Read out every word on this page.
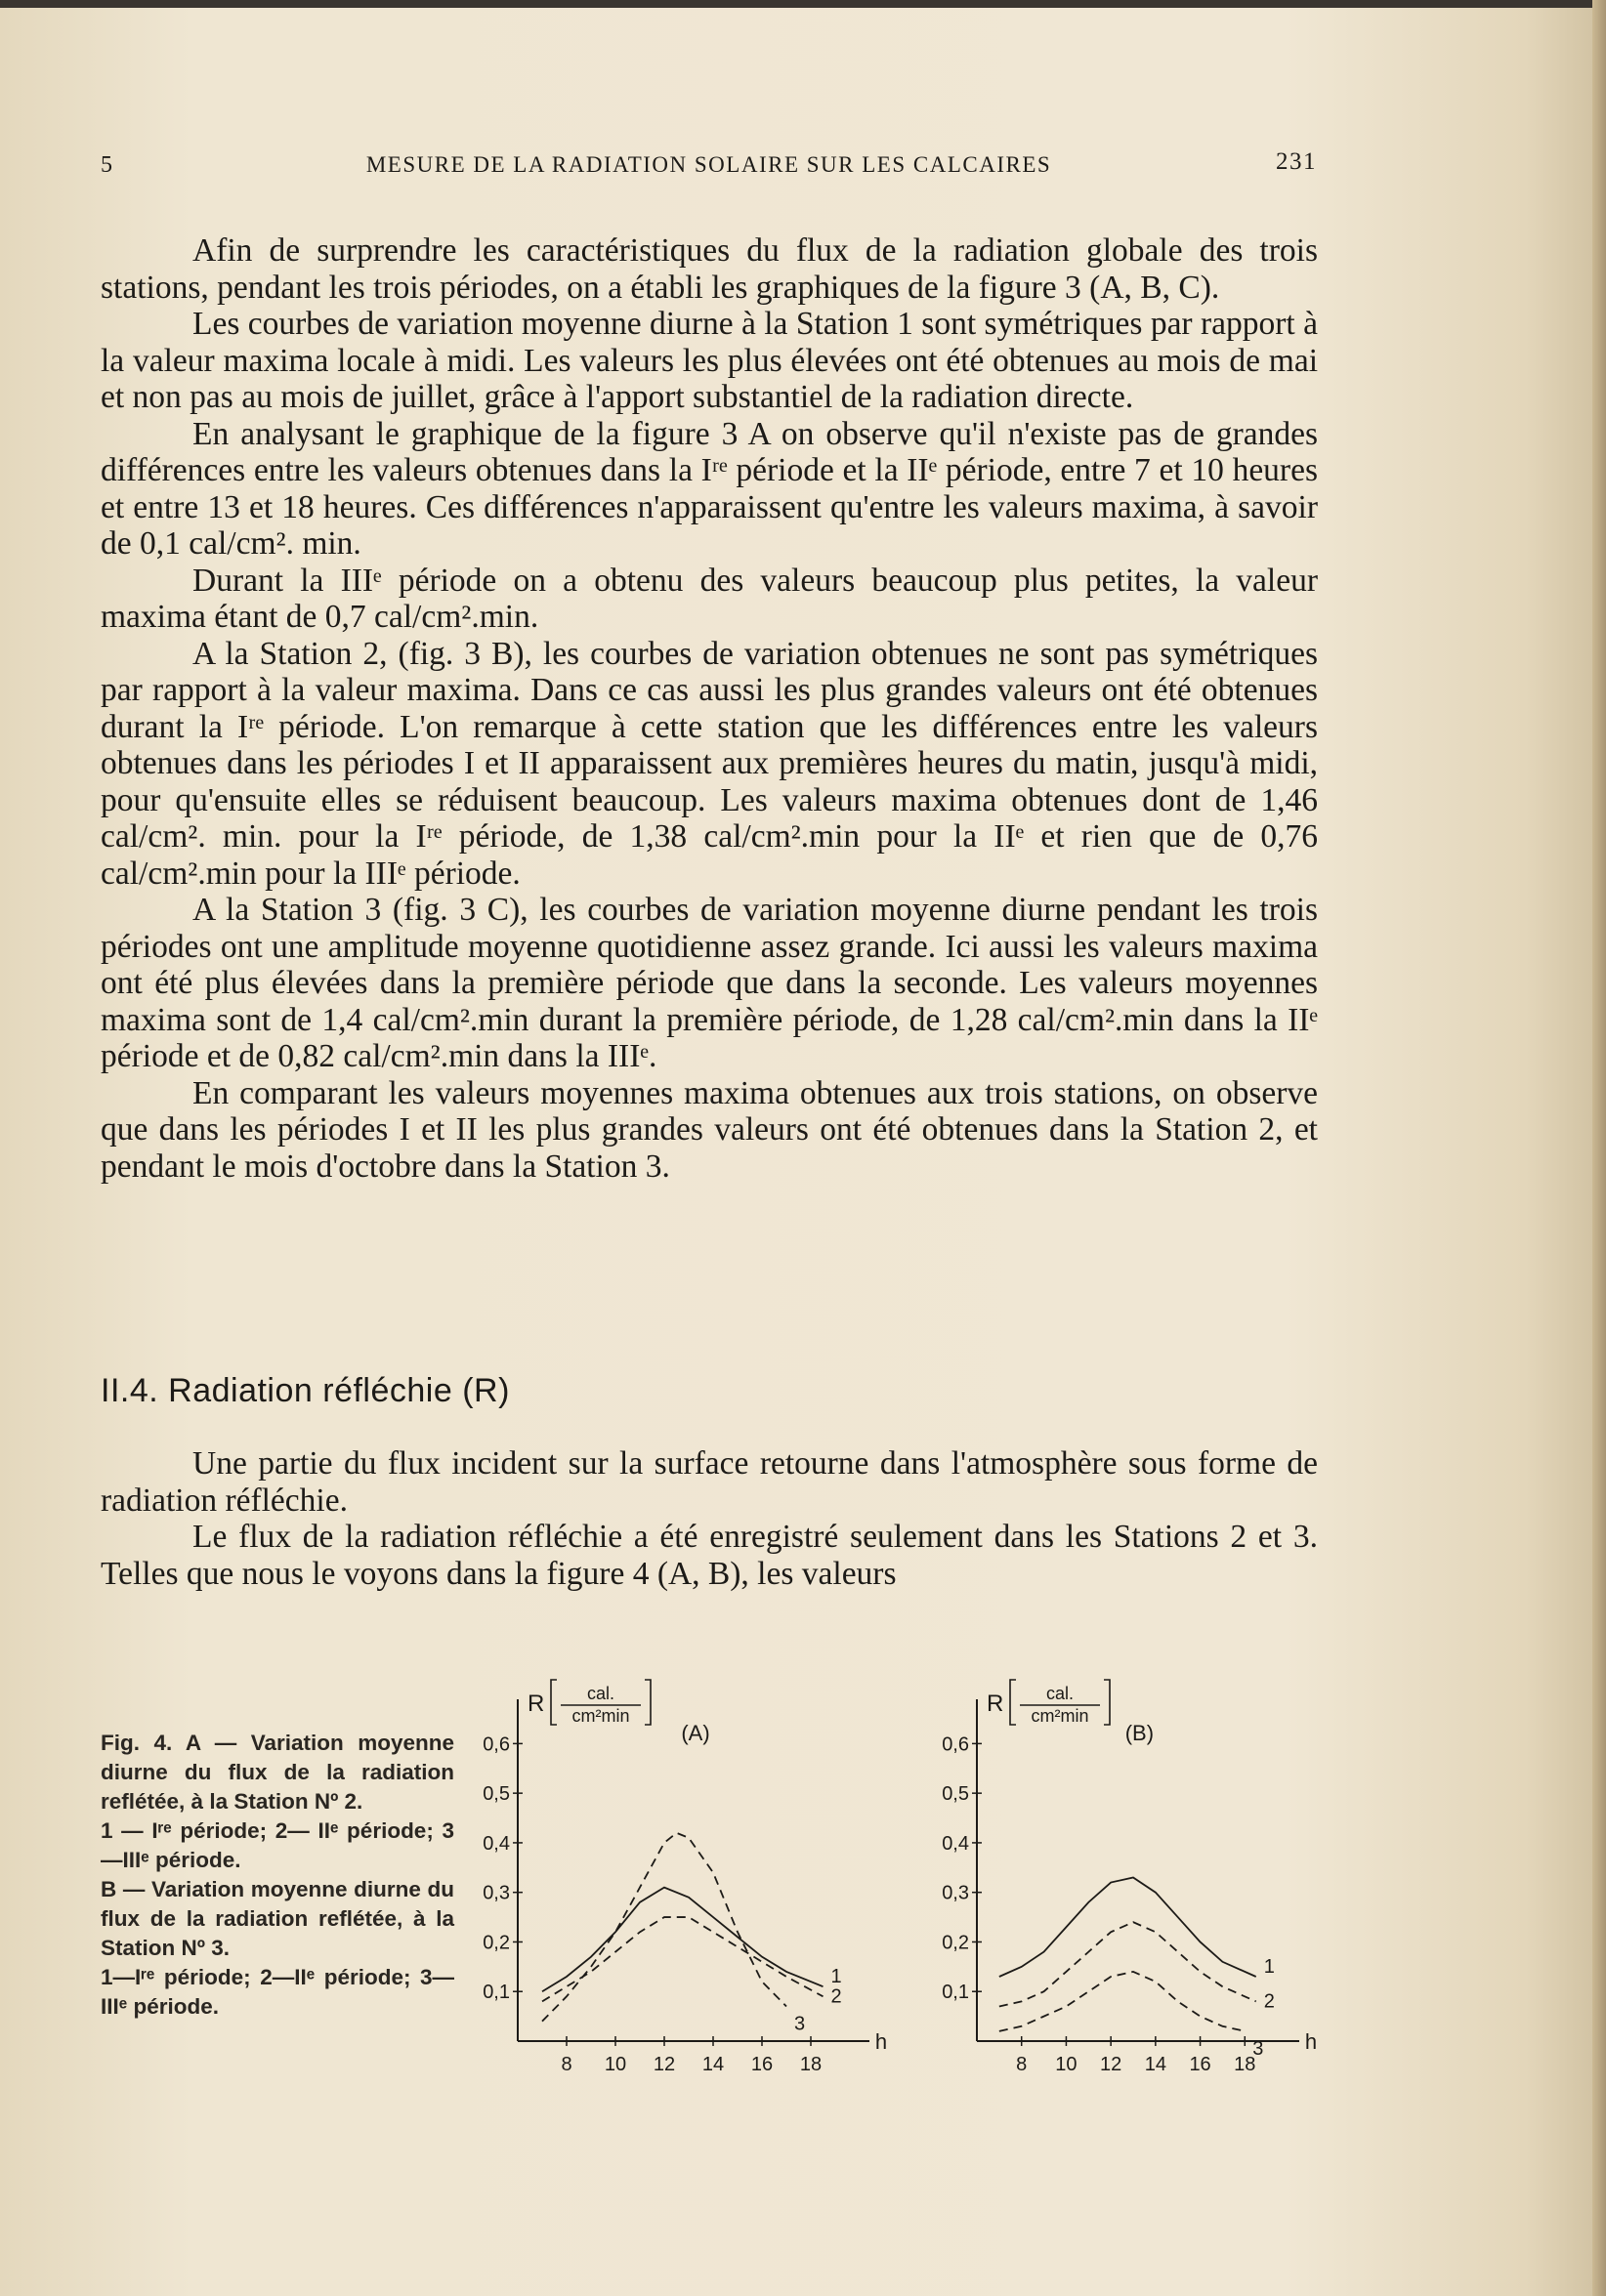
5	MESURE DE LA RADIATION SOLAIRE SUR LES CALCAIRES	231

Afin de surprendre les caractéristiques du flux de la radiation globale des trois stations, pendant les trois périodes, on a établi les graphiques de la figure 3 (A, B, C).

Les courbes de variation moyenne diurne à la Station 1 sont symétriques par rapport à la valeur maxima locale à midi. Les valeurs les plus élevées ont été obtenues au mois de mai et non pas au mois de juillet, grâce à l'apport substantiel de la radiation directe.

En analysant le graphique de la figure 3 A on observe qu'il n'existe pas de grandes différences entre les valeurs obtenues dans la Iʳᵉ période et la IIᵉ période, entre 7 et 10 heures et entre 13 et 18 heures. Ces différences n'apparaissent qu'entre les valeurs maxima, à savoir de 0,1 cal/cm². min.

Durant la IIIᵉ période on a obtenu des valeurs beaucoup plus petites, la valeur maxima étant de 0,7 cal/cm².min.

A la Station 2, (fig. 3 B), les courbes de variation obtenues ne sont pas symétriques par rapport à la valeur maxima. Dans ce cas aussi les plus grandes valeurs ont été obtenues durant la Iʳᵉ période. L'on remarque à cette station que les différences entre les valeurs obtenues dans les périodes I et II apparaissent aux premières heures du matin, jusqu'à midi, pour qu'ensuite elles se réduisent beaucoup. Les valeurs maxima obtenues dont de 1,46 cal/cm². min. pour la Iʳᵉ période, de 1,38 cal/cm².min pour la IIᵉ et rien que de 0,76 cal/cm².min pour la IIIᵉ période.

A la Station 3 (fig. 3 C), les courbes de variation moyenne diurne pendant les trois périodes ont une amplitude moyenne quotidienne assez grande. Ici aussi les valeurs maxima ont été plus élevées dans la première période que dans la seconde. Les valeurs moyennes maxima sont de 1,4 cal/cm².min durant la première période, de 1,28 cal/cm².min dans la IIᵉ période et de 0,82 cal/cm².min dans la IIIᵉ.

En comparant les valeurs moyennes maxima obtenues aux trois stations, on observe que dans les périodes I et II les plus grandes valeurs ont été obtenues dans la Station 2, et pendant le mois d'octobre dans la Station 3.

II.4. Radiation réfléchie (R)

Une partie du flux incident sur la surface retourne dans l'atmosphère sous forme de radiation réfléchie.

Le flux de la radiation réfléchie a été enregistré seulement dans les Stations 2 et 3. Telles que nous le voyons dans la figure 4 (A, B), les valeurs

Fig. 4. A — Variation moyenne diurne du flux de la radiation reflétée, à la Station Nº 2.

1 — Iʳᵉ période; 2— IIᵉ période; 3—IIIᵉ période.

B — Variation moyenne diurne du flux de la radiation reflétée, à la Station Nº 3.

1—Iʳᵉ période; 2—IIᵉ période; 3—IIIᵉ période.

0,1
0,2
0,3
0,4
0,5
0,6
8 10 12 14 16 18
h
R cal.
cm²min
(A)
1
2
3
0,1
0,2
0,3
0,4
0,5
0,6
8 10 12 14 16 18
h
R cal.
cm²min
(B)
1
2
3
